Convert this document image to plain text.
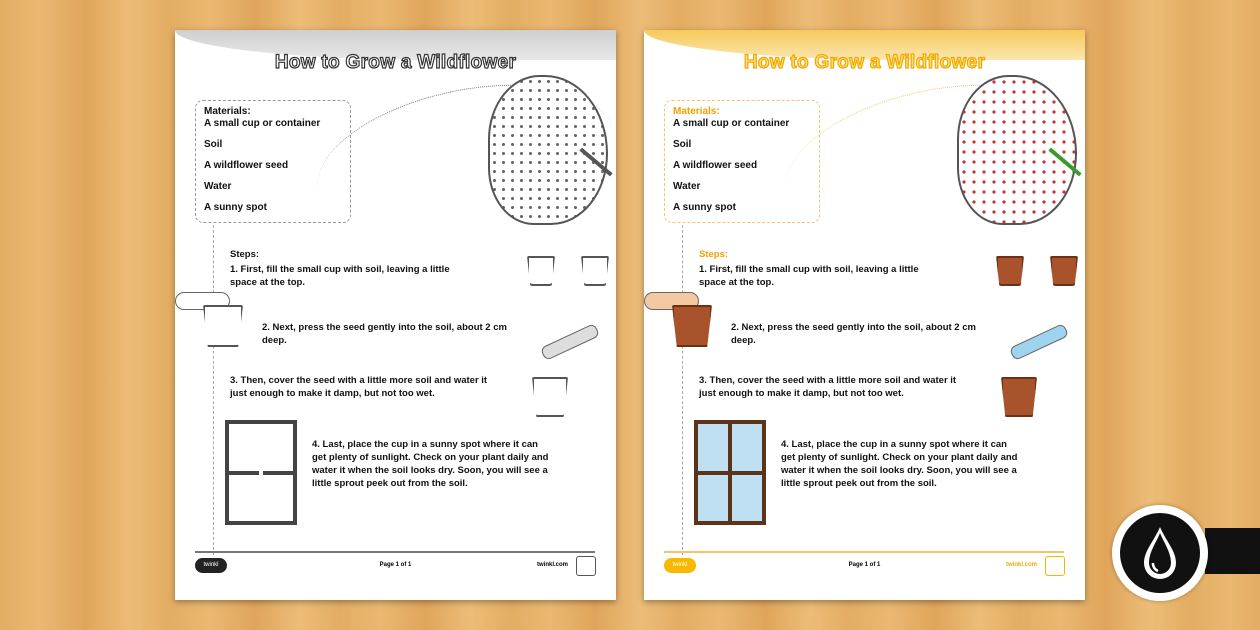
How to Grow a Wildflower
Materials:
A small cup or container
Soil
A wildflower seed
Water
A sunny spot
Steps:
1. First, fill the small cup with soil, leaving a little space at the top.
2. Next, press the seed gently into the soil, about 2 cm deep.
3. Then, cover the seed with a little more soil and water it just enough to make it damp, but not too wet.
4. Last, place the cup in a sunny spot where it can get plenty of sunlight. Check on your plant daily and water it when the soil looks dry. Soon, you will see a little sprout peek out from the soil.
twinkl	Page 1 of 1	twinkl.com
How to Grow a Wildflower
Materials:
A small cup or container
Soil
A wildflower seed
Water
A sunny spot
Steps:
1. First, fill the small cup with soil, leaving a little space at the top.
2. Next, press the seed gently into the soil, about 2 cm deep.
3. Then, cover the seed with a little more soil and water it just enough to make it damp, but not too wet.
4. Last, place the cup in a sunny spot where it can get plenty of sunlight. Check on your plant daily and water it when the soil looks dry. Soon, you will see a little sprout peek out from the soil.
twinkl	Page 1 of 1	twinkl.com
